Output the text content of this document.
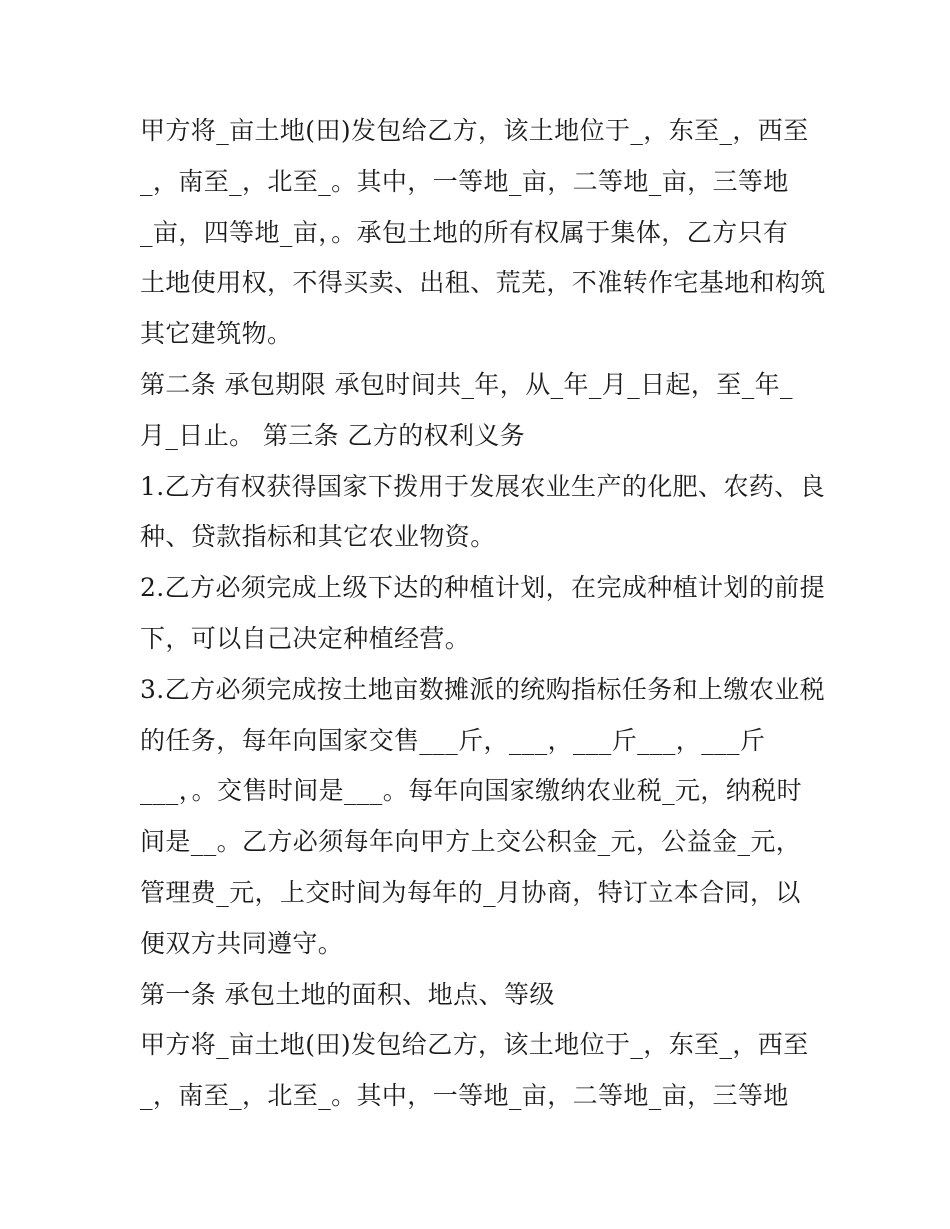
甲方将_亩土地(田)发包给乙方，该土地位于_，东至_，西至
_，南至_，北至_。其中，一等地_亩，二等地_亩，三等地
_亩，四等地_亩，。承包土地的所有权属于集体，乙方只有
土地使用权，不得买卖、出租、荒芜，不准转作宅基地和构筑
其它建筑物。
第二条 承包期限 承包时间共_年，从_年_月_日起，至_年_
月_日止。 第三条 乙方的权利义务
1.乙方有权获得国家下拨用于发展农业生产的化肥、农药、良
种、贷款指标和其它农业物资。
2.乙方必须完成上级下达的种植计划，在完成种植计划的前提
下，可以自己决定种植经营。
3.乙方必须完成按土地亩数摊派的统购指标任务和上缴农业税
的任务，每年向国家交售___斤，___，___斤___，___斤
___，。交售时间是___。每年向国家缴纳农业税_元，纳税时
间是__。乙方必须每年向甲方上交公积金_元，公益金_元，
管理费_元，上交时间为每年的_月协商，特订立本合同，以
便双方共同遵守。
第一条 承包土地的面积、地点、等级
甲方将_亩土地(田)发包给乙方，该土地位于_，东至_，西至
_，南至_，北至_。其中，一等地_亩，二等地_亩，三等地
